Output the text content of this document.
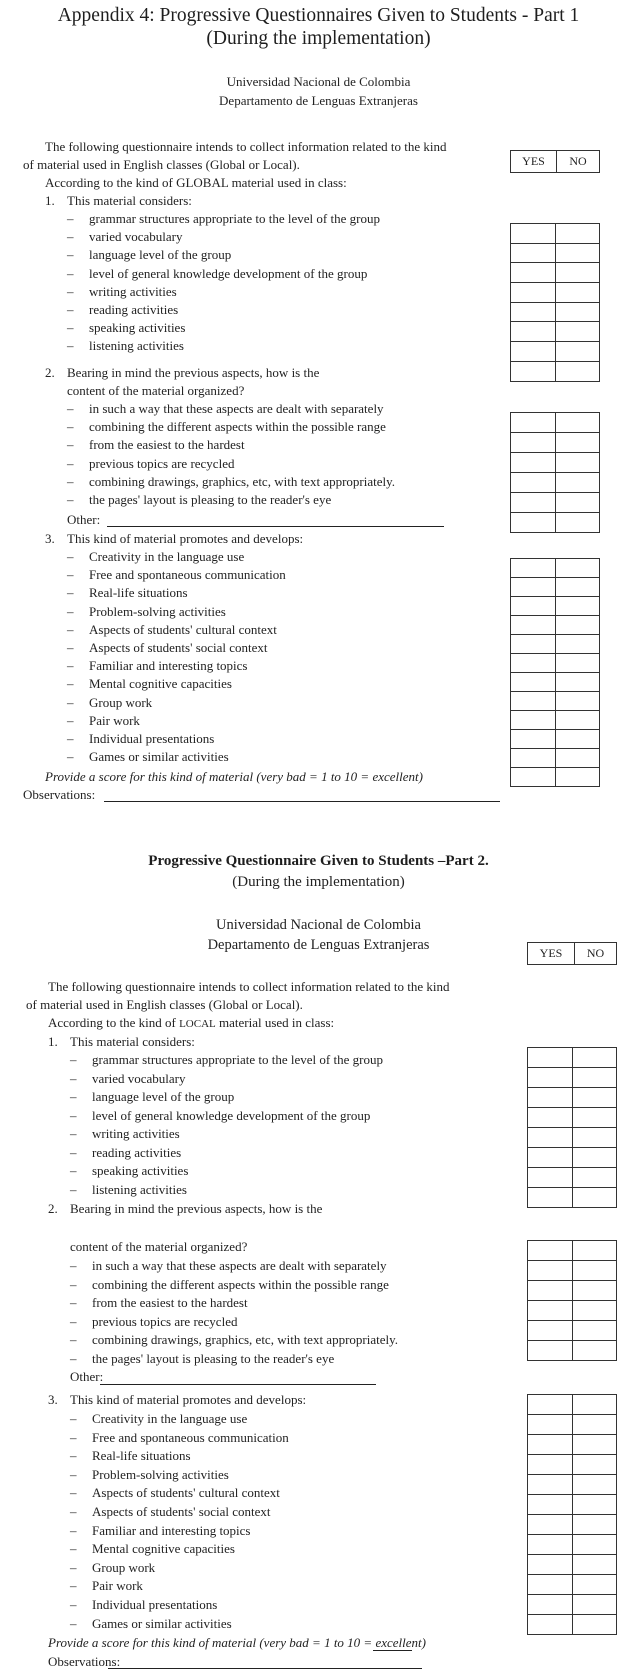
Appendix 4: Progressive Questionnaires Given to Students - Part 1
(During the implementation)
Universidad Nacional de Colombia
Departamento de Lenguas Extranjeras
The following questionnaire intends to collect information related to the kind
of material used in English classes (Global or Local).
According to the kind of GLOBAL material used in class:
YES	NO
1. This material considers:
– grammar structures appropriate to the level of the group
– varied vocabulary
– language level of the group
– level of general knowledge development of the group
– writing activities
– reading activities
– speaking activities
– listening activities

2. Bearing in mind the previous aspects, how is the
content of the material organized?
– in such a way that these aspects are dealt with separately
– combining the different aspects within the possible range
– from the easiest to the hardest
– previous topics are recycled
– combining drawings, graphics, etc, with text appropriately.
– the pages' layout is pleasing to the reader's eye

Other:
3. This kind of material promotes and develops:
– Creativity in the language use
– Free and spontaneous communication
– Real-life situations
– Problem-solving activities
– Aspects of students' cultural context
– Aspects of students' social context
– Familiar and interesting topics
– Mental cognitive capacities
– Group work
– Pair work
– Individual presentations
– Games or similar activities

Provide a score for this kind of material (very bad = 1 to 10 = excellent)
Observations:
Progressive Questionnaire Given to Students –Part 2.
(During the implementation)
Universidad Nacional de Colombia
Departamento de Lenguas Extranjeras	YES	NO
The following questionnaire intends to collect information related to the kind
of material used in English classes (Global or Local).
According to the kind of LOCAL material used in class:
1. This material considers:
– grammar structures appropriate to the level of the group
– varied vocabulary
– language level of the group
– level of general knowledge development of the group
– writing activities
– reading activities
– speaking activities
– listening activities

2. Bearing in mind the previous aspects, how is the
content of the material organized?
– in such a way that these aspects are dealt with separately
– combining the different aspects within the possible range
– from the easiest to the hardest
– previous topics are recycled
– combining drawings, graphics, etc, with text appropriately.
– the pages' layout is pleasing to the reader's eye

Other:
3. This kind of material promotes and develops:
– Creativity in the language use
– Free and spontaneous communication
– Real-life situations
– Problem-solving activities
– Aspects of students' cultural context
– Aspects of students' social context
– Familiar and interesting topics
– Mental cognitive capacities
– Group work
– Pair work
– Individual presentations
– Games or similar activities

Provide a score for this kind of material (very bad = 1 to 10 = excellent)
Observations:
